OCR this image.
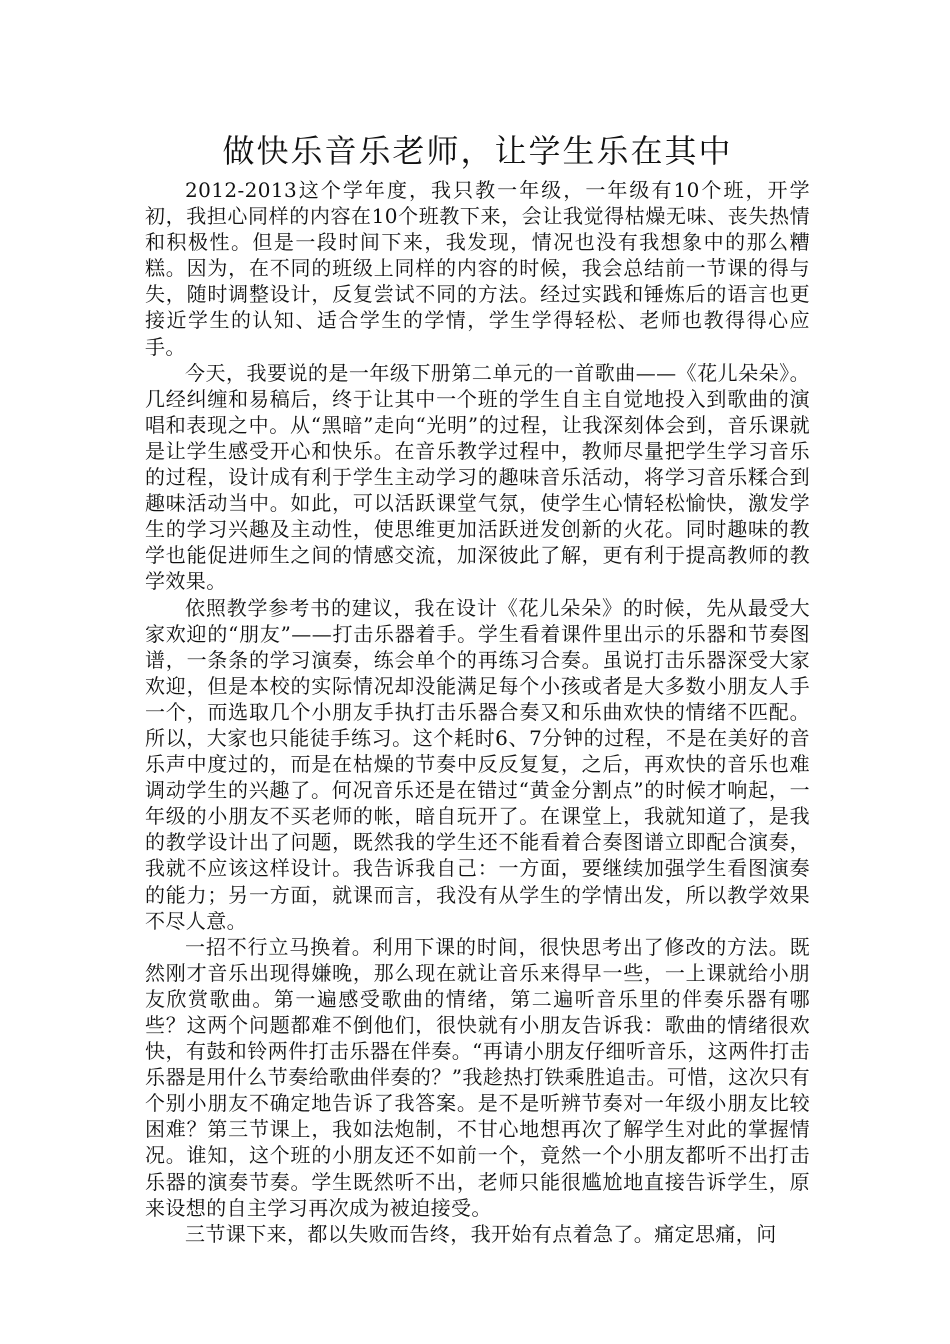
做快乐音乐老师，让学生乐在其中

2012-2013这个学年度，我只教一年级，一年级有10个班，开学初，我担心同样的内容在10个班教下来，会让我觉得枯燥无味、丧失热情和积极性。但是一段时间下来，我发现，情况也没有我想象中的那么糟糕。因为，在不同的班级上同样的内容的时候，我会总结前一节课的得与失，随时调整设计，反复尝试不同的方法。经过实践和锤炼后的语言也更接近学生的认知、适合学生的学情，学生学得轻松、老师也教得得心应手。

今天，我要说的是一年级下册第二单元的一首歌曲——《花儿朵朵》。几经纠缠和易稿后，终于让其中一个班的学生自主自觉地投入到歌曲的演唱和表现之中。从“黑暗”走向“光明”的过程，让我深刻体会到，音乐课就是让学生感受开心和快乐。在音乐教学过程中，教师尽量把学生学习音乐的过程，设计成有利于学生主动学习的趣味音乐活动，将学习音乐糅合到趣味活动当中。如此，可以活跃课堂气氛，使学生心情轻松愉快，激发学生的学习兴趣及主动性，使思维更加活跃迸发创新的火花。同时趣味的教学也能促进师生之间的情感交流，加深彼此了解，更有利于提高教师的教学效果。

依照教学参考书的建议，我在设计《花儿朵朵》的时候，先从最受大家欢迎的“朋友”——打击乐器着手。学生看着课件里出示的乐器和节奏图谱，一条条的学习演奏，练会单个的再练习合奏。虽说打击乐器深受大家欢迎，但是本校的实际情况却没能满足每个小孩或者是大多数小朋友人手一个，而选取几个小朋友手执打击乐器合奏又和乐曲欢快的情绪不匹配。所以，大家也只能徒手练习。这个耗时6、7分钟的过程，不是在美好的音乐声中度过的，而是在枯燥的节奏中反反复复，之后，再欢快的音乐也难调动学生的兴趣了。何况音乐还是在错过“黄金分割点”的时候才响起，一年级的小朋友不买老师的帐，暗自玩开了。在课堂上，我就知道了，是我的教学设计出了问题，既然我的学生还不能看着合奏图谱立即配合演奏，我就不应该这样设计。我告诉我自己：一方面，要继续加强学生看图演奏的能力；另一方面，就课而言，我没有从学生的学情出发，所以教学效果不尽人意。

一招不行立马换着。利用下课的时间，很快思考出了修改的方法。既然刚才音乐出现得嫌晚，那么现在就让音乐来得早一些，一上课就给小朋友欣赏歌曲。第一遍感受歌曲的情绪，第二遍听音乐里的伴奏乐器有哪些？这两个问题都难不倒他们，很快就有小朋友告诉我：歌曲的情绪很欢快，有鼓和铃两件打击乐器在伴奏。“再请小朋友仔细听音乐，这两件打击乐器是用什么节奏给歌曲伴奏的？”我趁热打铁乘胜追击。可惜，这次只有个别小朋友不确定地告诉了我答案。是不是听辨节奏对一年级小朋友比较困难？第三节课上，我如法炮制，不甘心地想再次了解学生对此的掌握情况。谁知，这个班的小朋友还不如前一个，竟然一个小朋友都听不出打击乐器的演奏节奏。学生既然听不出，老师只能很尴尬地直接告诉学生，原来设想的自主学习再次成为被迫接受。

三节课下来，都以失败而告终，我开始有点着急了。痛定思痛，问
